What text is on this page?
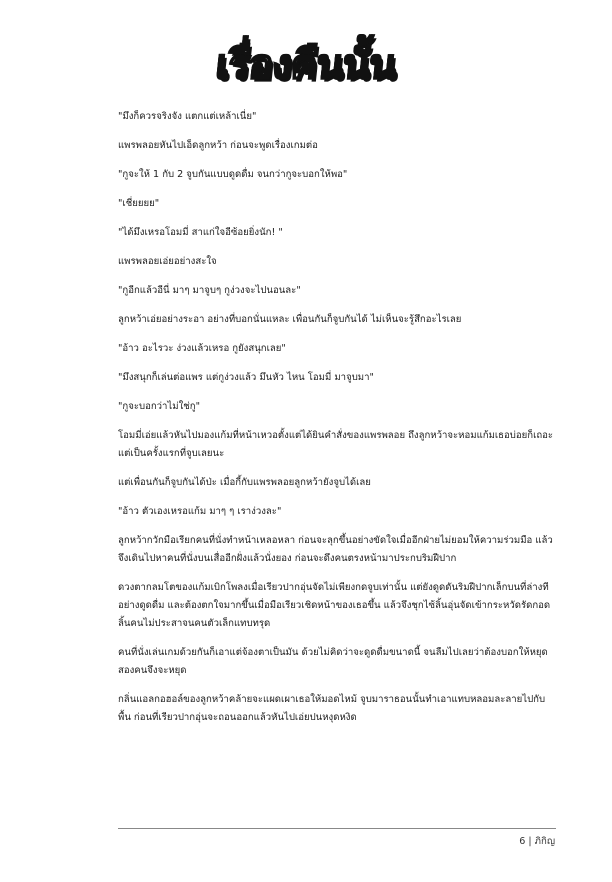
เรื่องคืนนั้น

"มึงก็ควรจริงจัง แตกแต่เหล้าเนี่ย"

แพรพลอยหันไปเอ็ดลูกหว้า ก่อนจะพูดเรื่องเกมต่อ

"กูจะให้ 1 กับ 2 จูบกันแบบดูดดื่ม จนกว่ากูจะบอกให้พอ"

"เชี่ยยยย"

"ได้มึงเหรอโอมมี่ สาแก่ใจอีซ้อยยิ่งนัก! "

แพรพลอยเอ่ยอย่างสะใจ

"กูอีกแล้วอีนี่ มาๆ มาจูบๆ กูง่วงจะไปนอนละ"

ลูกหว้าเอ่ยอย่างระอา อย่างที่บอกนั่นแหละ เพื่อนกันก็จูบกันได้ ไม่เห็นจะรู้สึกอะไรเลย

"อ้าว อะไรวะ ง่วงแล้วเหรอ กูยังสนุกเลย"

"มึงสนุกก็เล่นต่อแพร แต่กูง่วงแล้ว มึนหัว ไหน โอมมี่ มาจูบมา"

"กูจะบอกว่าไม่ใช่กู"

โอมมี่เอ่ยแล้วหันไปมองแก้มที่หน้าเหวอตั้งแต่ได้ยินคำสั่งของแพรพลอย ถึงลูกหว้าจะหอมแก้มเธอบ่อยก็เถอะ แต่เป็นครั้งแรกที่จูบเลยนะ

แต่เพื่อนกันก็จูบกันได้ป่ะ เมื่อกี้กับแพรพลอยลูกหว้ายังจูบได้เลย

"อ้าว ตัวเองเหรอแก้ม มาๆ ๆ เราง่วงละ"

ลูกหว้ากวักมือเรียกคนที่นั่งทำหน้าเหลอหลา ก่อนจะลุกขึ้นอย่างขัดใจเมื่ออีกฝ่ายไม่ยอมให้ความร่วมมือ แล้วจึงเดินไปหาคนที่นั่งบนเสื่ออีกฝั่งแล้วนั่งยอง ก่อนจะดึงคนตรงหน้ามาประกบริมฝีปาก

ดวงตากลมโตของแก้มเบิกโพลงเมื่อเรียวปากอุ่นจัดไม่เพียงกดจูบเท่านั้น แต่ยังดูดดันริมฝีปากเล็กบนที่ล่างทีอย่างดูดดื่ม และต้องตกใจมากขึ้นเมื่อมือเรียวเชิดหน้าของเธอขึ้น แล้วจึงชุกไซ้ลิ้นอุ่นจัดเข้ากระหวัดรัดกอดลิ้นคนไม่ประสาจนคนตัวเล็กแทบทรุด

คนที่นั่งเล่นเกมด้วยกันก็เอาแต่จ้องตาเป็นมัน ด้วยไม่คิดว่าจะดูดดื่มขนาดนี้ จนลืมไปเลยว่าต้องบอกให้หยุดสองคนจึงจะหยุด

กลิ่นแอลกอฮอล์ของลูกหว้าคล้ายจะแผดเผาเธอให้มอดไหม้ จูบมาราธอนนั้นทำเอาแทบหลอมละลายไปกับพื้น ก่อนที่เรียวปากอุ่นจะถอนออกแล้วหันไปเอ่ยปนหงุดหงิด

6 | ภิกิญ
